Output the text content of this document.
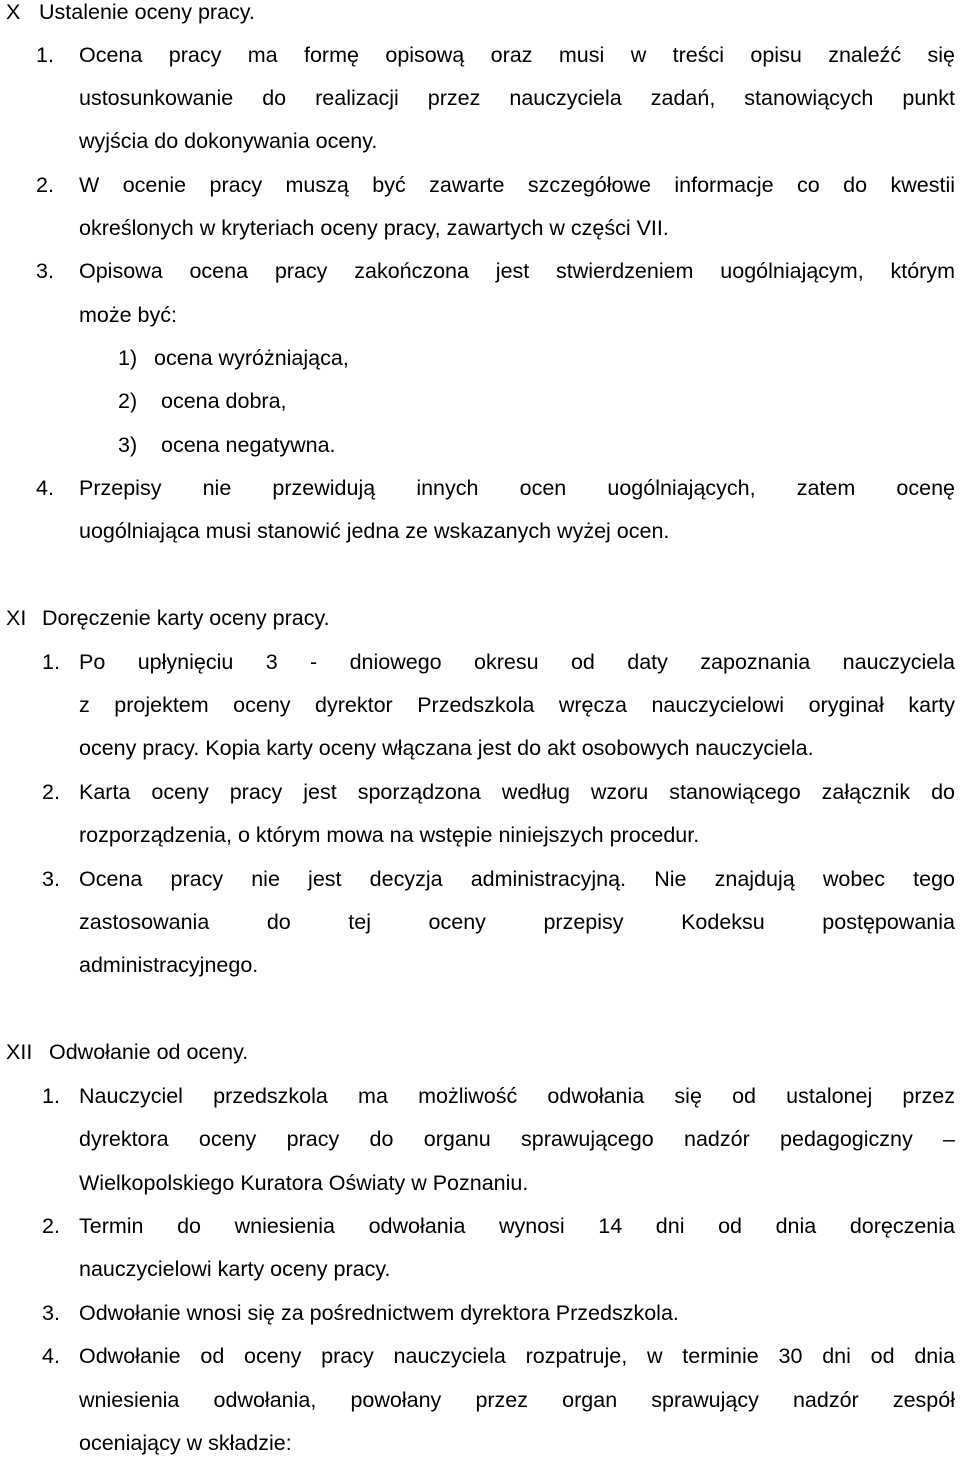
X Ustalenie oceny pracy.
1. Ocena pracy ma formę opisową oraz musi w treści opisu znaleźć się
ustosunkowanie do realizacji przez nauczyciela zadań, stanowiących punkt
wyjścia do dokonywania oceny.
2. W ocenie pracy muszą być zawarte szczegółowe informacje co do kwestii
określonych w kryteriach oceny pracy, zawartych w części VII.
3. Opisowa ocena pracy zakończona jest stwierdzeniem uogólniającym, którym
może być:
1) ocena wyróżniająca,
2) ocena dobra,
3) ocena negatywna.
4. Przepisy nie przewidują innych ocen uogólniających, zatem ocenę
uogólniająca musi stanowić jedna ze wskazanych wyżej ocen.
XI Doręczenie karty oceny pracy.
1. Po upłynięciu 3 - dniowego okresu od daty zapoznania nauczyciela
z projektem oceny dyrektor Przedszkola wręcza nauczycielowi oryginał karty
oceny pracy. Kopia karty oceny włączana jest do akt osobowych nauczyciela.
2. Karta oceny pracy jest sporządzona według wzoru stanowiącego załącznik do
rozporządzenia, o którym mowa na wstępie niniejszych procedur.
3. Ocena pracy nie jest decyzja administracyjną. Nie znajdują wobec tego
zastosowania do tej oceny przepisy Kodeksu postępowania
administracyjnego.
XII Odwołanie od oceny.
1. Nauczyciel przedszkola ma możliwość odwołania się od ustalonej przez
dyrektora oceny pracy do organu sprawującego nadzór pedagogiczny –
Wielkopolskiego Kuratora Oświaty w Poznaniu.
2. Termin do wniesienia odwołania wynosi 14 dni od dnia doręczenia
nauczycielowi karty oceny pracy.
3. Odwołanie wnosi się za pośrednictwem dyrektora Przedszkola.
4. Odwołanie od oceny pracy nauczyciela rozpatruje, w terminie 30 dni od dnia
wniesienia odwołania, powołany przez organ sprawujący nadzór zespół
oceniający w składzie:
